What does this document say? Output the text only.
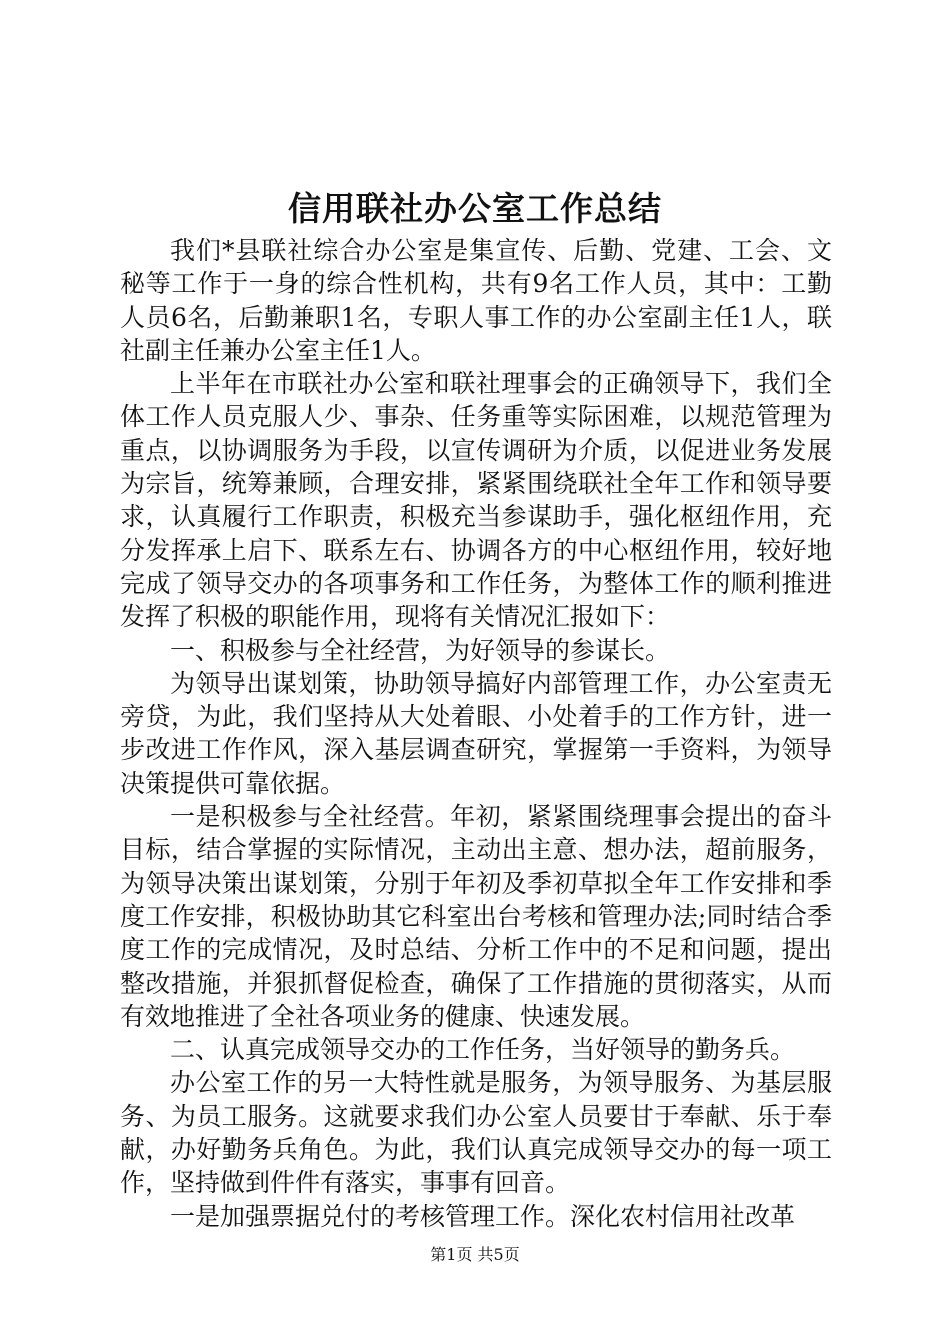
信用联社办公室工作总结

我们*县联社综合办公室是集宣传、后勤、党建、工会、文秘等工作于一身的综合性机构，共有9名工作人员，其中：工勤人员6名，后勤兼职1名，专职人事工作的办公室副主任1人，联社副主任兼办公室主任1人。

上半年在市联社办公室和联社理事会的正确领导下，我们全体工作人员克服人少、事杂、任务重等实际困难，以规范管理为重点，以协调服务为手段，以宣传调研为介质，以促进业务发展为宗旨，统筹兼顾，合理安排，紧紧围绕联社全年工作和领导要求，认真履行工作职责，积极充当参谋助手，强化枢纽作用，充分发挥承上启下、联系左右、协调各方的中心枢纽作用，较好地完成了领导交办的各项事务和工作任务，为整体工作的顺利推进发挥了积极的职能作用，现将有关情况汇报如下：

一、积极参与全社经营，为好领导的参谋长。

为领导出谋划策，协助领导搞好内部管理工作，办公室责无旁贷，为此，我们坚持从大处着眼、小处着手的工作方针，进一步改进工作作风，深入基层调查研究，掌握第一手资料，为领导决策提供可靠依据。

一是积极参与全社经营。年初，紧紧围绕理事会提出的奋斗目标，结合掌握的实际情况，主动出主意、想办法，超前服务，为领导决策出谋划策，分别于年初及季初草拟全年工作安排和季度工作安排，积极协助其它科室出台考核和管理办法;同时结合季度工作的完成情况，及时总结、分析工作中的不足和问题，提出整改措施，并狠抓督促检查，确保了工作措施的贯彻落实，从而有效地推进了全社各项业务的健康、快速发展。

二、认真完成领导交办的工作任务，当好领导的勤务兵。

办公室工作的另一大特性就是服务，为领导服务、为基层服务、为员工服务。这就要求我们办公室人员要甘于奉献、乐于奉献，办好勤务兵角色。为此，我们认真完成领导交办的每一项工作，坚持做到件件有落实，事事有回音。

一是加强票据兑付的考核管理工作。深化农村信用社改革

第1页 共5页
